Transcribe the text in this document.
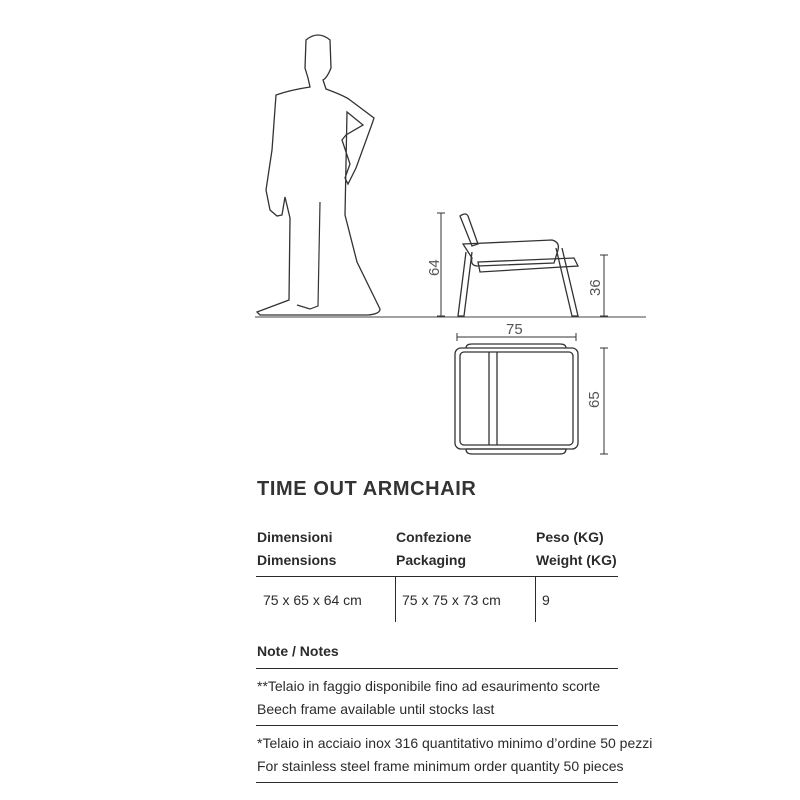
64
36
75
65
TIME OUT ARMCHAIR
Dimensioni
Dimensions
Confezione
Packaging
Peso (KG)
Weight (KG)
75 x 65 x 64 cm	75 x 75 x 73 cm	9
Note / Notes
**Telaio in faggio disponibile fino ad esaurimento scorte
Beech frame available until stocks last
*Telaio in acciaio inox 316 quantitativo minimo d’ordine 50 pezzi
For stainless steel frame minimum order quantity 50 pieces
